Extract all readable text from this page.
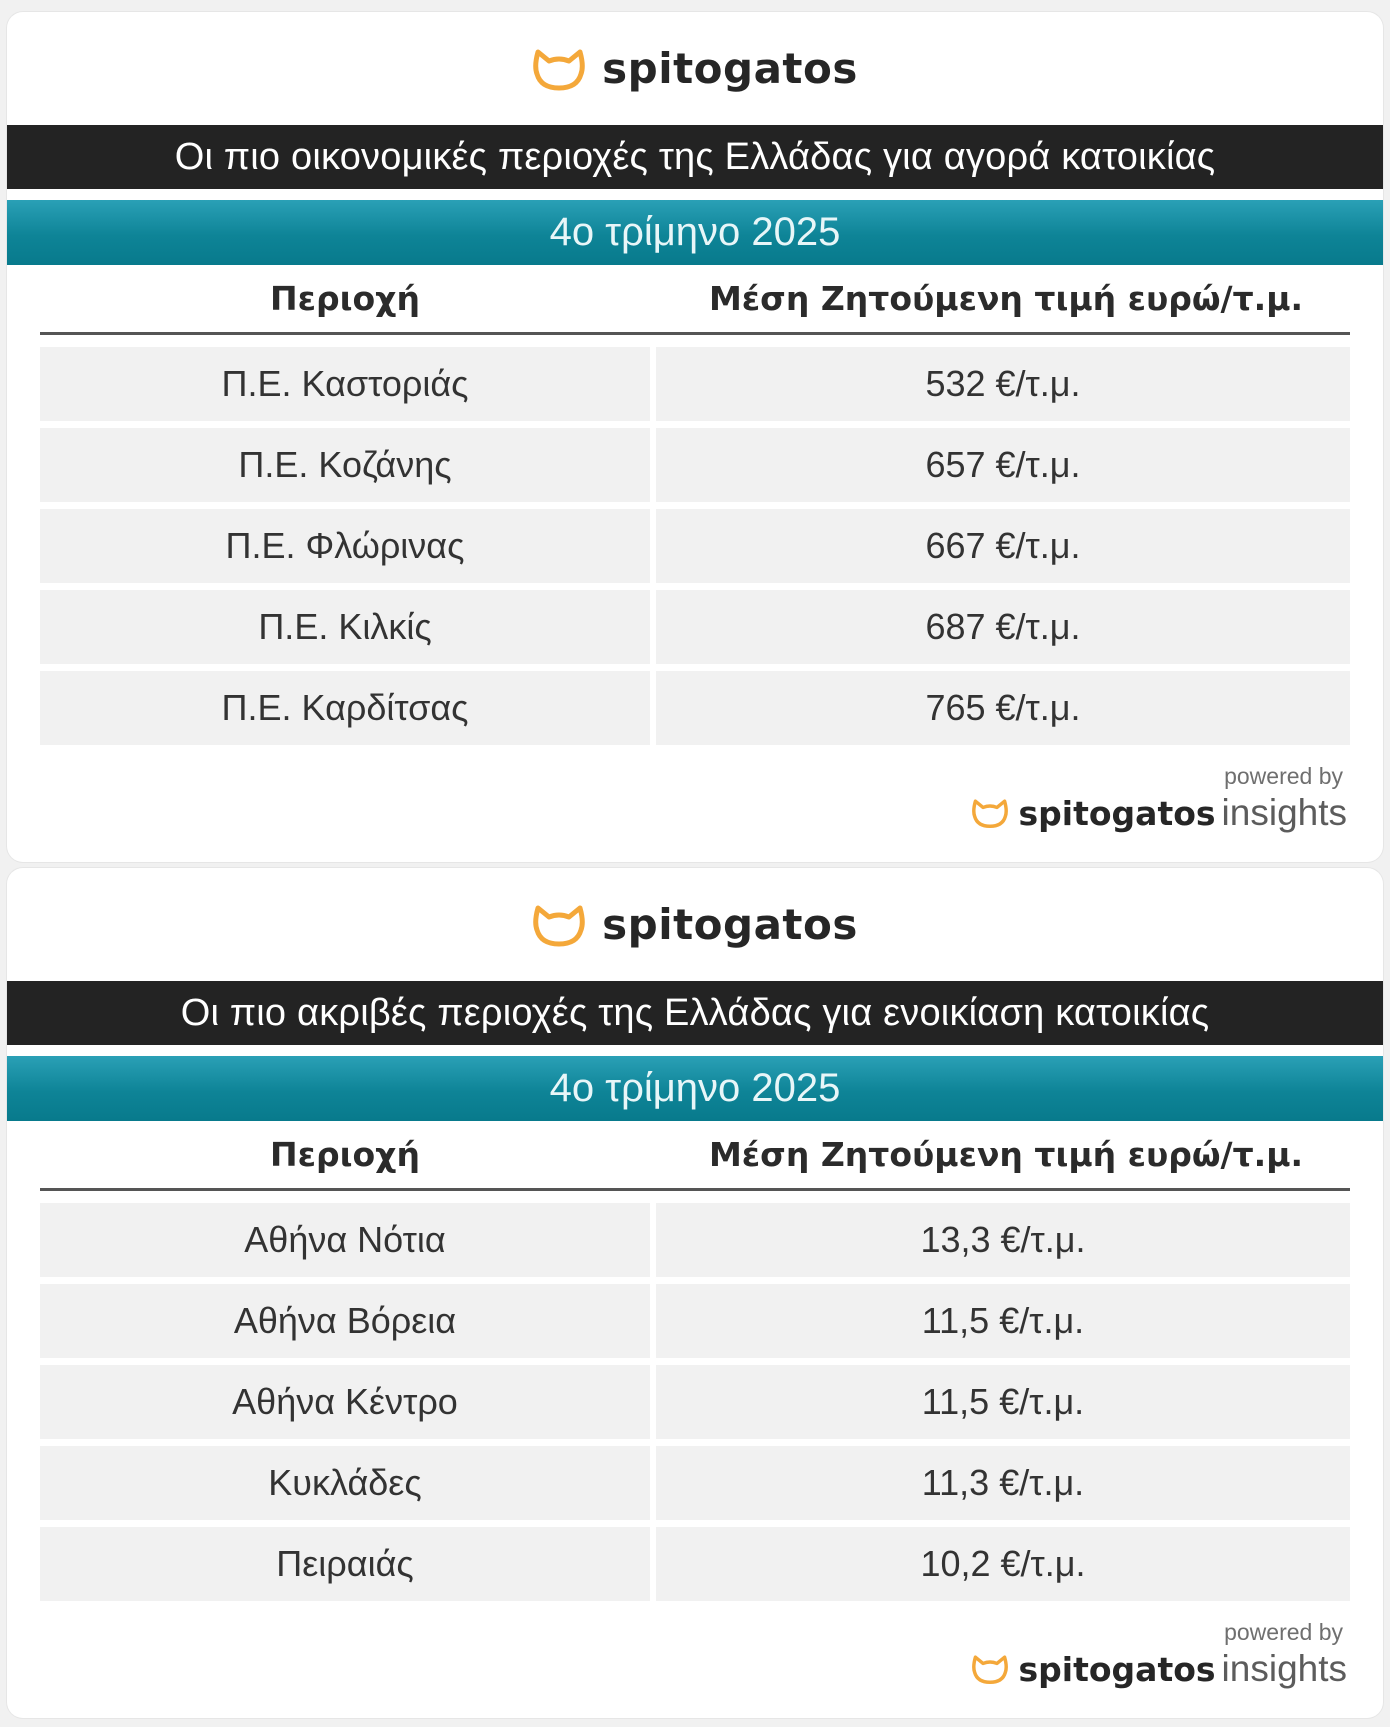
spitogatos
Οι πιο οικονομικές περιοχές της Ελλάδας για αγορά κατοικίας
4ο τρίμηνο 2025
Περιοχή	Μέση Ζητούμενη τιμή ευρώ/τ.μ.
Π.Ε. Καστοριάς	532 €/τ.μ.
Π.Ε. Κοζάνης	657 €/τ.μ.
Π.Ε. Φλώρινας	667 €/τ.μ.
Π.Ε. Κιλκίς	687 €/τ.μ.
Π.Ε. Καρδίτσας	765 €/τ.μ.
powered by
spitogatos insights
spitogatos
Οι πιο ακριβές περιοχές της Ελλάδας για ενοικίαση κατοικίας
4ο τρίμηνο 2025
Περιοχή	Μέση Ζητούμενη τιμή ευρώ/τ.μ.
Αθήνα Νότια	13,3 €/τ.μ.
Αθήνα Βόρεια	11,5 €/τ.μ.
Αθήνα Κέντρο	11,5 €/τ.μ.
Κυκλάδες	11,3 €/τ.μ.
Πειραιάς	10,2 €/τ.μ.
powered by
spitogatos insights
